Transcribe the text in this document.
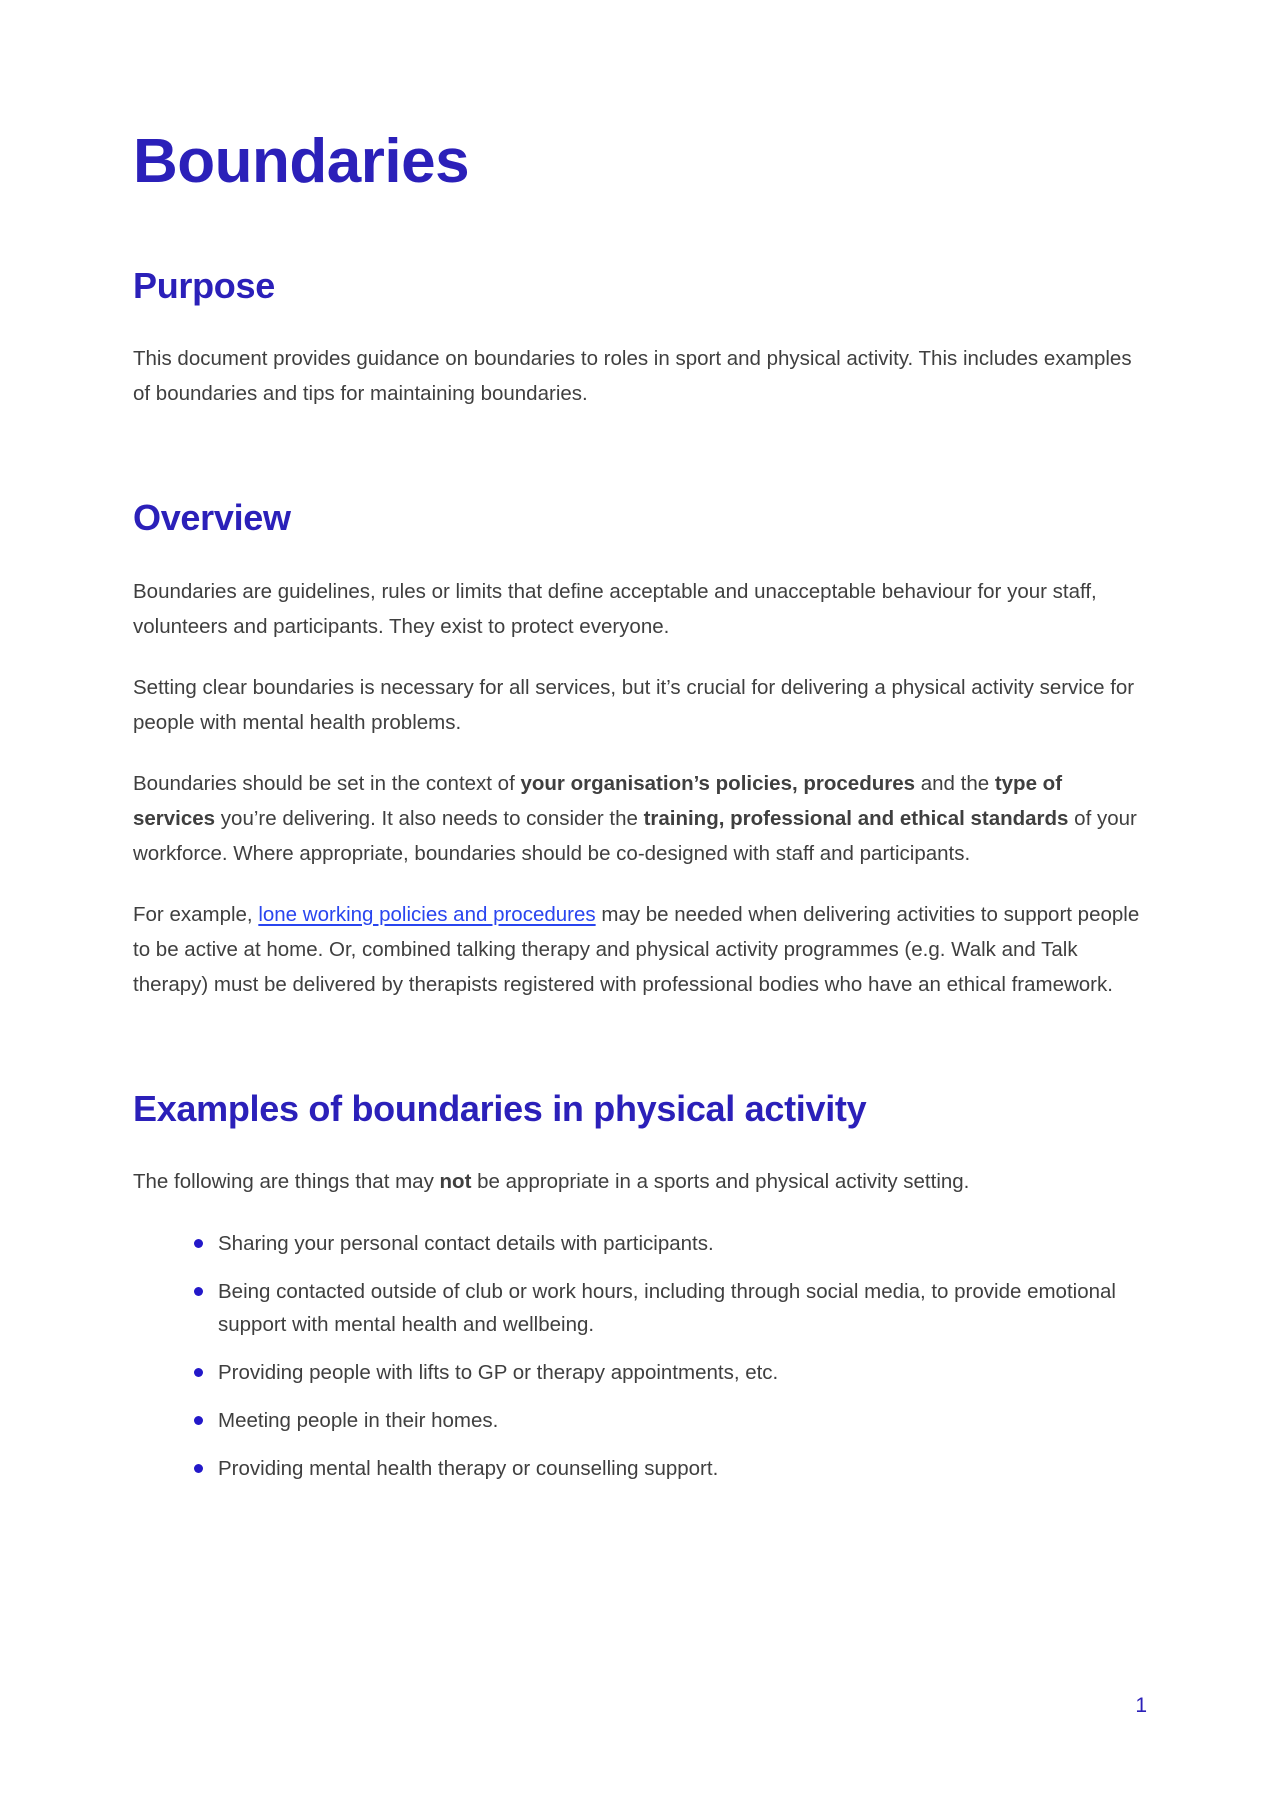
Boundaries
Purpose

This document provides guidance on boundaries to roles in sport and physical activity. This includes examples of boundaries and tips for maintaining boundaries.

Overview

Boundaries are guidelines, rules or limits that define acceptable and unacceptable behaviour for your staff, volunteers and participants. They exist to protect everyone.

Setting clear boundaries is necessary for all services, but it’s crucial for delivering a physical activity service for people with mental health problems.

Boundaries should be set in the context of your organisation’s policies, procedures and the type of services you’re delivering. It also needs to consider the training, professional and ethical standards of your workforce. Where appropriate, boundaries should be co-designed with staff and participants.

For example, lone working policies and procedures may be needed when delivering activities to support people to be active at home. Or, combined talking therapy and physical activity programmes (e.g. Walk and Talk therapy) must be delivered by therapists registered with professional bodies who have an ethical framework.

Examples of boundaries in physical activity

The following are things that may not be appropriate in a sports and physical activity setting.

Sharing your personal contact details with participants.
Being contacted outside of club or work hours, including through social media, to provide emotional support with mental health and wellbeing.
Providing people with lifts to GP or therapy appointments, etc.
Meeting people in their homes.
Providing mental health therapy or counselling support.
1
